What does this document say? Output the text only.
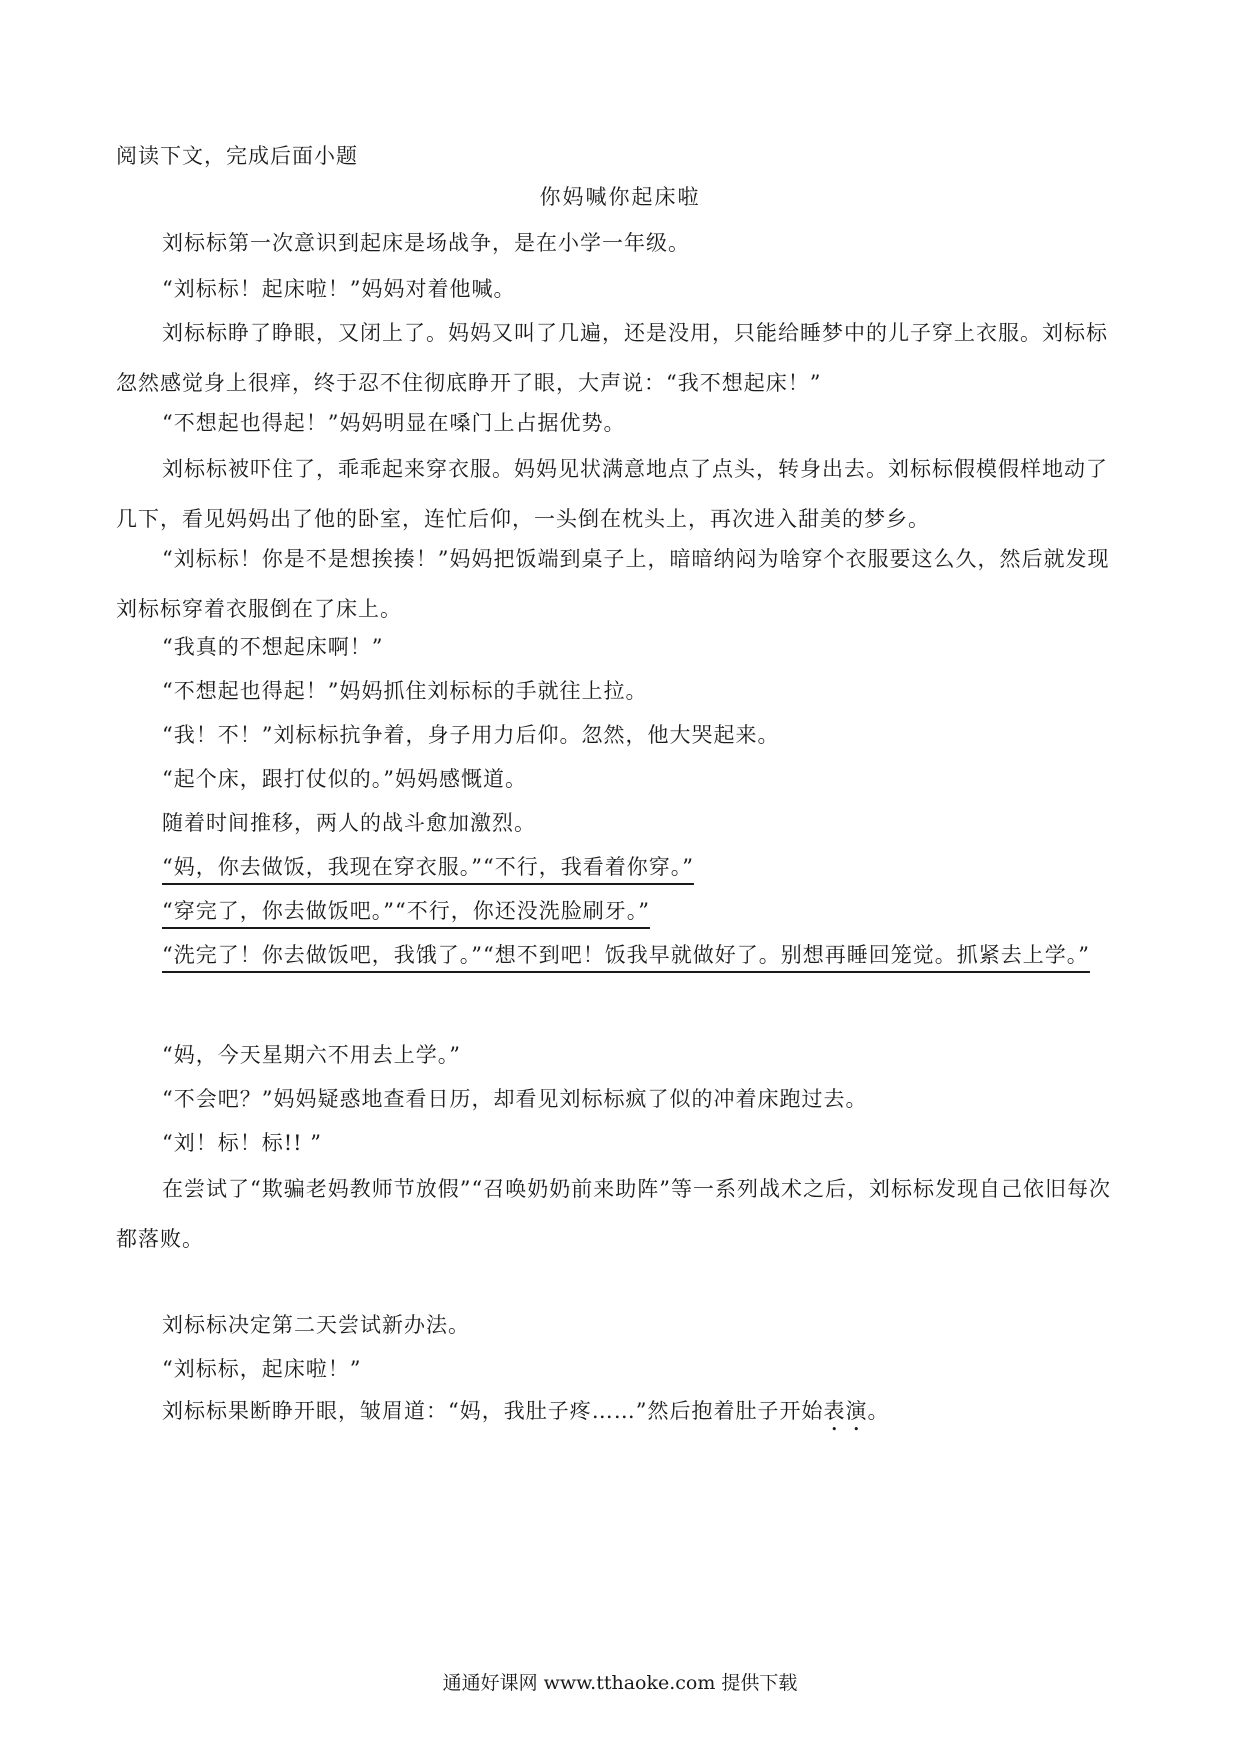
阅读下文，完成后面小题
你妈喊你起床啦
刘标标第一次意识到起床是场战争，是在小学一年级。
“刘标标！起床啦！”妈妈对着他喊。
刘标标睁了睁眼，又闭上了。妈妈又叫了几遍，还是没用，只能给睡梦中的儿子穿上衣服。刘标标忽然感觉身上很痒，终于忍不住彻底睁开了眼，大声说：“我不想起床！”
“不想起也得起！”妈妈明显在嗓门上占据优势。
刘标标被吓住了，乖乖起来穿衣服。妈妈见状满意地点了点头，转身出去。刘标标假模假样地动了几下，看见妈妈出了他的卧室，连忙后仰，一头倒在枕头上，再次进入甜美的梦乡。
“刘标标！你是不是想挨揍！”妈妈把饭端到桌子上，暗暗纳闷为啥穿个衣服要这么久，然后就发现刘标标穿着衣服倒在了床上。
“我真的不想起床啊！”
“不想起也得起！”妈妈抓住刘标标的手就往上拉。
“我！不！”刘标标抗争着，身子用力后仰。忽然，他大哭起来。
“起个床，跟打仗似的。”妈妈感慨道。
随着时间推移，两人的战斗愈加激烈。
“妈，你去做饭，我现在穿衣服。”“不行，我看着你穿。”
“穿完了，你去做饭吧。”“不行，你还没洗脸刷牙。”
“洗完了！你去做饭吧，我饿了。”“想不到吧！饭我早就做好了。别想再睡回笼觉。抓紧去上学。”
“妈，今天星期六不用去上学。”
“不会吧？”妈妈疑惑地查看日历，却看见刘标标疯了似的冲着床跑过去。
“刘！标！标!! ”
在尝试了“欺骗老妈教师节放假”“召唤奶奶前来助阵”等一系列战术之后，刘标标发现自己依旧每次都落败。
刘标标决定第二天尝试新办法。
“刘标标，起床啦！”
刘标标果断睁开眼，皱眉道：“妈，我肚子疼……”然后抱着肚子开始表演。
通通好课网 www.tthaoke.com 提供下载
